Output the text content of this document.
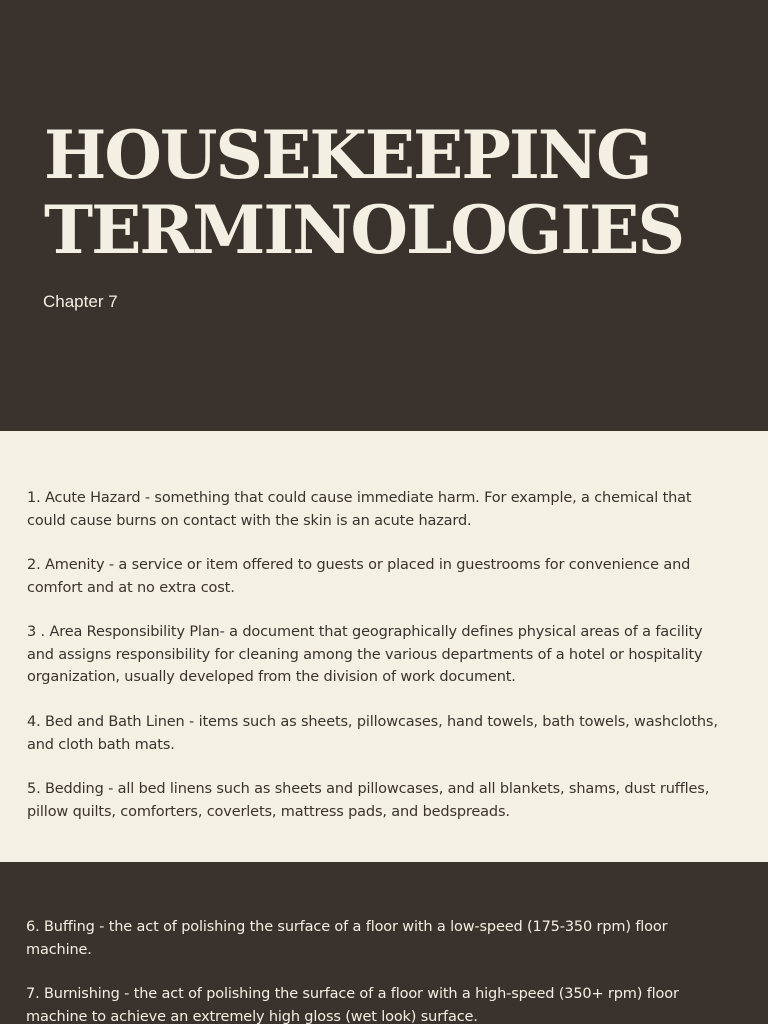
HOUSEKEEPING
TERMINOLOGIES

Chapter 7

1. Acute Hazard - something that could cause immediate harm. For example, a chemical that
could cause burns on contact with the skin is an acute hazard.

2. Amenity - a service or item offered to guests or placed in guestrooms for convenience and
comfort and at no extra cost.

3 . Area Responsibility Plan- a document that geographically defines physical areas of a facility
and assigns responsibility for cleaning among the various departments of a hotel or hospitality
organization, usually developed from the division of work document.

4. Bed and Bath Linen - items such as sheets, pillowcases, hand towels, bath towels, washcloths,
and cloth bath mats.

5. Bedding - all bed linens such as sheets and pillowcases, and all blankets, shams, dust ruffles,
pillow quilts, comforters, coverlets, mattress pads, and bedspreads.

6. Buffing - the act of polishing the surface of a floor with a low-speed (175-350 rpm) floor
machine.

7. Burnishing - the act of polishing the surface of a floor with a high-speed (350+ rpm) floor
machine to achieve an extremely high gloss (wet look) surface.
